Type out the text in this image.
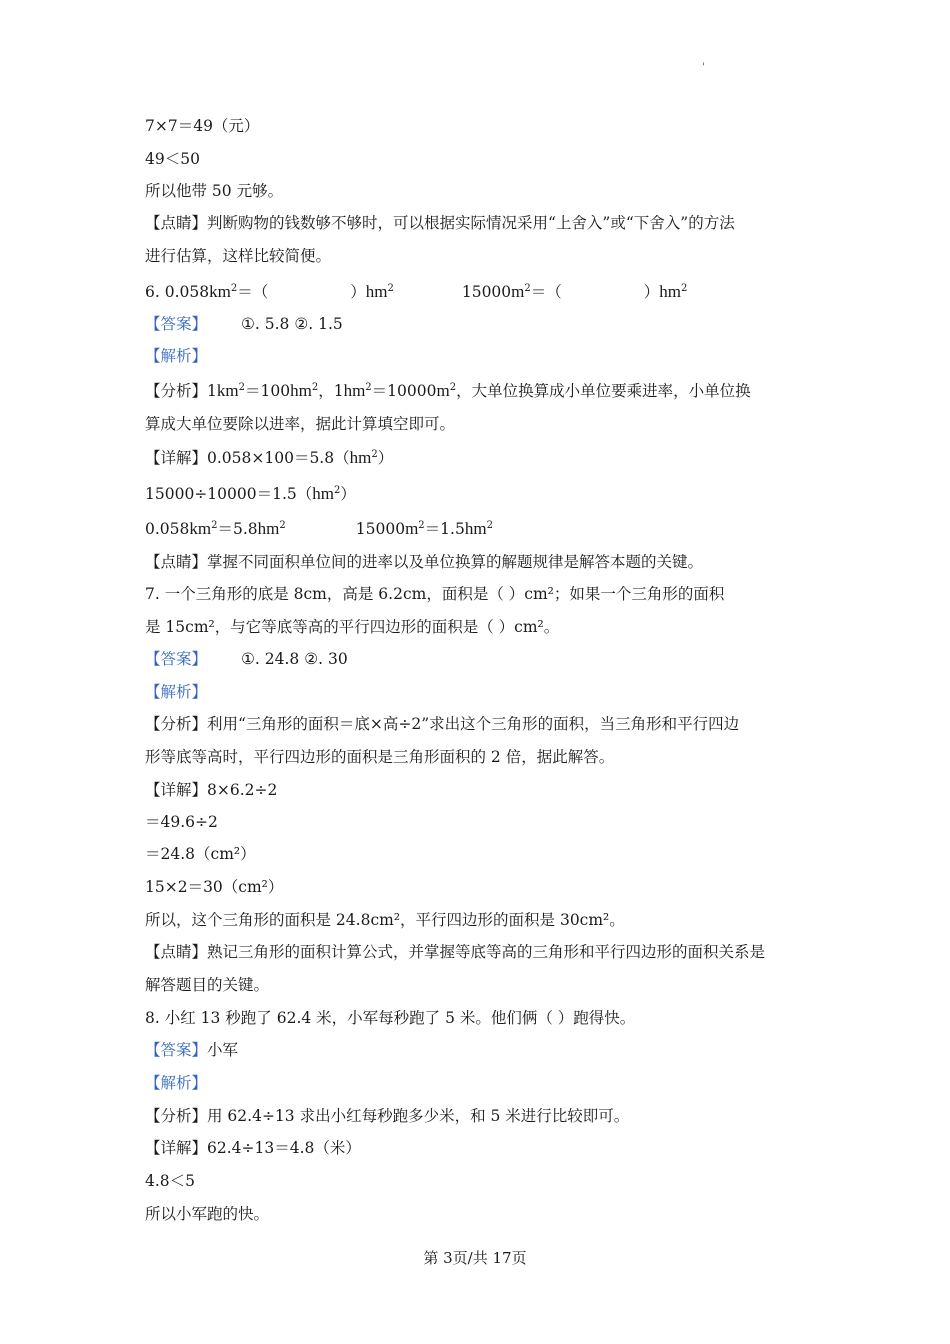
'
7×7＝49（元）
49＜50
所以他带 50 元够。
【点睛】判断购物的钱数够不够时，可以根据实际情况采用“上舍入”或“下舍入”的方法
进行估算，这样比较简便。
6. $0.058km^2=$（	）$hm^2$	$15000m^2=$（	）$hm^2$
【答案】 ①. 5.8 ②. 1.5
【解析】
【分析】$1km^2=100hm^2$，$1hm^2=10000m^2$，大单位换算成小单位要乘进率，小单位换
算成大单位要除以进率，据此计算填空即可。
【详解】$0.058\times 100=5.8(hm^2)$
$15000\div 10000=1.5(hm^2)$
$0.058km^2=5.8hm^2$	$15000m^2=1.5hm^2$
【点睛】掌握不同面积单位间的进率以及单位换算的解题规律是解答本题的关键。
7. 一个三角形的底是 8cm，高是 6.2cm，面积是（ ）cm²；如果一个三角形的面积
是 15cm²，与它等底等高的平行四边形的面积是（ ）cm²。
【答案】 ①. 24.8 ②. 30
【解析】
【分析】利用“三角形的面积＝底×高÷2”求出这个三角形的面积，当三角形和平行四边
形等底等高时，平行四边形的面积是三角形面积的 2 倍，据此解答。
【详解】8×6.2÷2
＝49.6÷2
＝24.8（cm²）
15×2＝30（cm²）
所以，这个三角形的面积是 24.8cm²，平行四边形的面积是 30cm²。
【点睛】熟记三角形的面积计算公式，并掌握等底等高的三角形和平行四边形的面积关系是
解答题目的关键。
8. 小红 13 秒跑了 62.4 米，小军每秒跑了 5 米。他们俩（ ）跑得快。
【答案】小军
【解析】
【分析】用 62.4÷13 求出小红每秒跑多少米，和 5 米进行比较即可。
【详解】62.4÷13＝4.8（米）
4.8＜5
所以小军跑的快。
第 3页/共 17页
